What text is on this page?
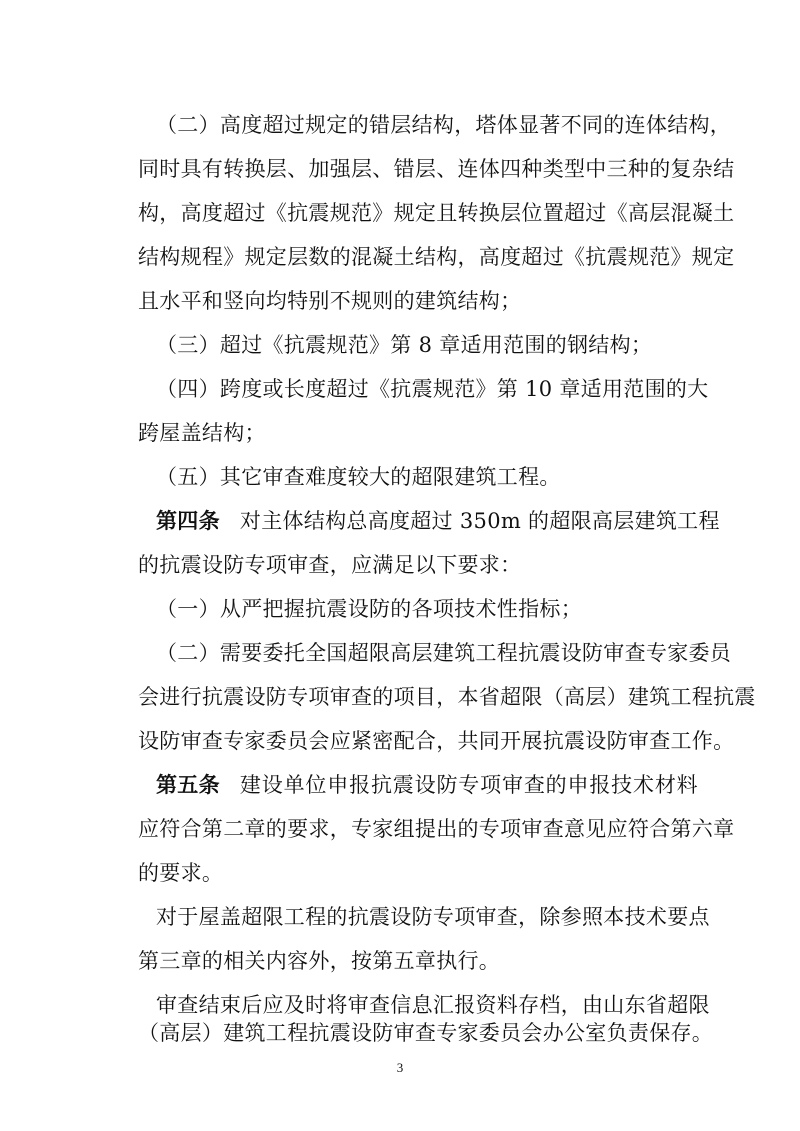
（二）高度超过规定的错层结构，塔体显著不同的连体结构，
同时具有转换层、加强层、错层、连体四种类型中三种的复杂结
构，高度超过《抗震规范》规定且转换层位置超过《高层混凝土
结构规程》规定层数的混凝土结构，高度超过《抗震规范》规定
且水平和竖向均特别不规则的建筑结构；
（三）超过《抗震规范》第 8 章适用范围的钢结构；
（四）跨度或长度超过《抗震规范》第 10 章适用范围的大
跨屋盖结构；
（五）其它审查难度较大的超限建筑工程。
第四条 对主体结构总高度超过 350m 的超限高层建筑工程
的抗震设防专项审查，应满足以下要求：
（一）从严把握抗震设防的各项技术性指标；
（二）需要委托全国超限高层建筑工程抗震设防审查专家委员
会进行抗震设防专项审查的项目，本省超限（高层）建筑工程抗震
设防审查专家委员会应紧密配合，共同开展抗震设防审查工作。
第五条 建设单位申报抗震设防专项审查的申报技术材料
应符合第二章的要求，专家组提出的专项审查意见应符合第六章
的要求。
对于屋盖超限工程的抗震设防专项审查，除参照本技术要点
第三章的相关内容外，按第五章执行。
审查结束后应及时将审查信息汇报资料存档，由山东省超限
（高层）建筑工程抗震设防审查专家委员会办公室负责保存。
3
